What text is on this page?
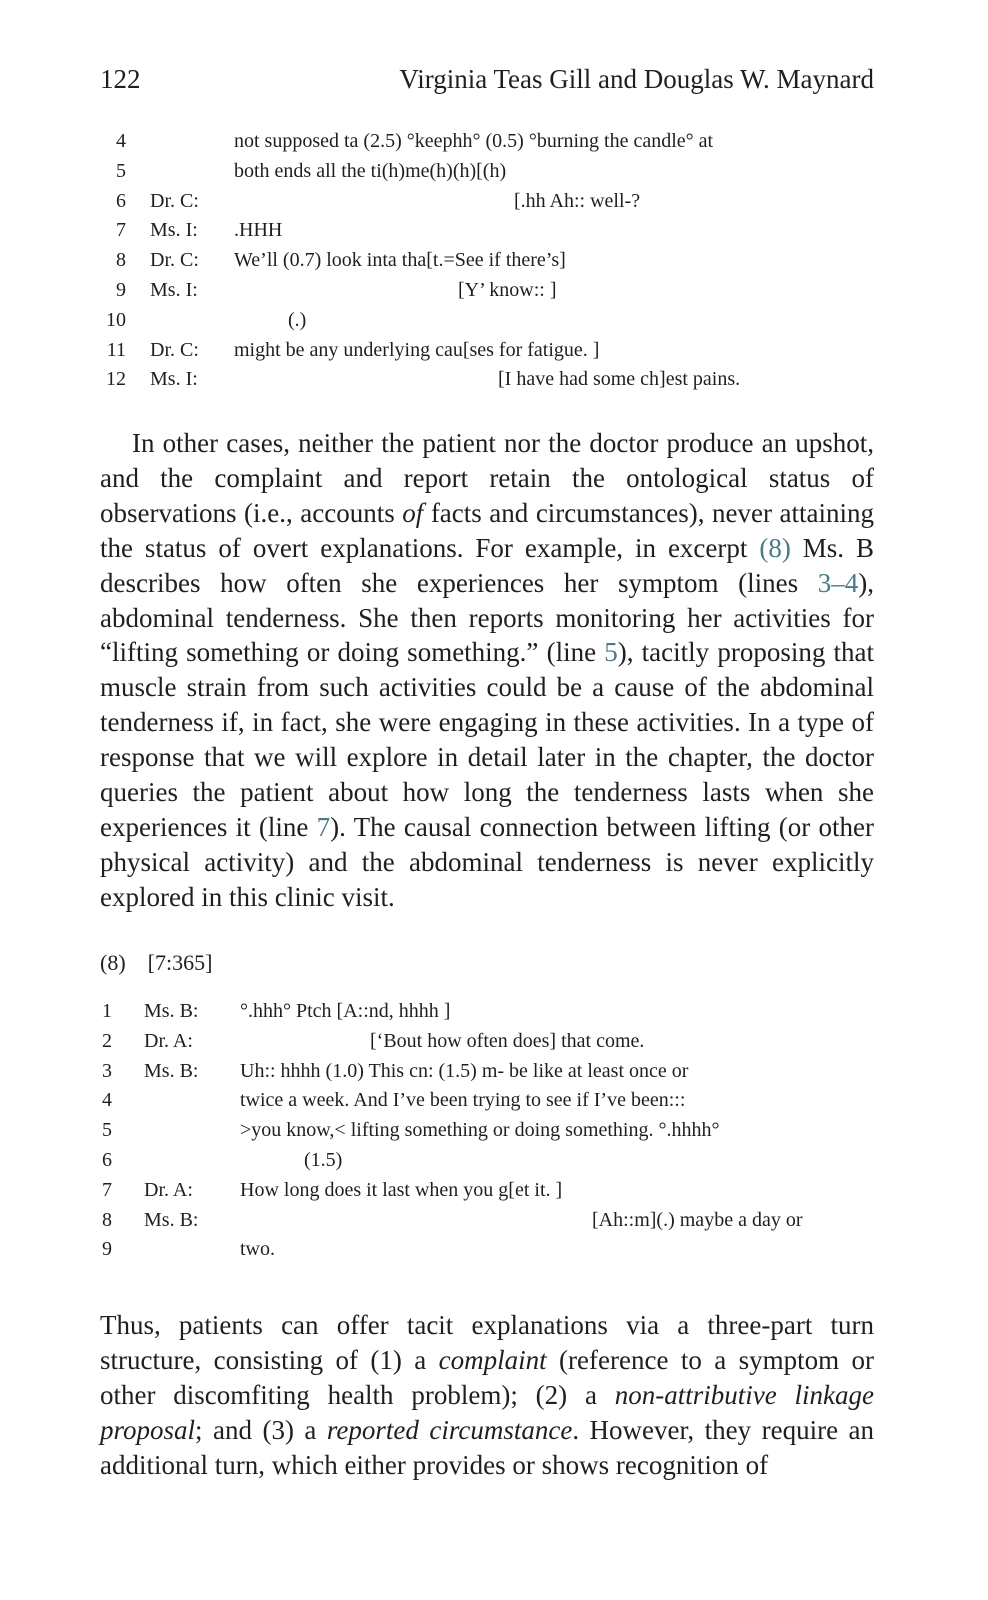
122	Virginia Teas Gill and Douglas W. Maynard
4	not supposed ta (2.5) °keephh° (0.5) °burning the candle° at
5	both ends all the ti(h)me(h)(h)[(h)
6 Dr. C:	[.hh Ah:: well-?
7 Ms. I: .HHH
8 Dr. C: We’ll (0.7) look inta tha[t.=See if there’s]
9 Ms. I:	[Y’ know:: ]
10	(.)
11 Dr. C: might be any underlying cau[ses for fatigue. ]
12 Ms. I:	[I have had some ch]est pains.

In other cases, neither the patient nor the doctor produce an upshot, and the complaint and report retain the ontological status of observations (i.e., accounts of facts and circumstances), never attaining the status of overt explanations. For example, in excerpt (8) Ms. B describes how often she experiences her symptom (lines 3–4), abdominal tenderness. She then reports monitoring her activities for “lifting something or doing something.” (line 5), tacitly proposing that muscle strain from such activities could be a cause of the abdominal tenderness if, in fact, she were engaging in these activities. In a type of response that we will explore in detail later in the chapter, the doctor queries the patient about how long the tenderness lasts when she experiences it (line 7). The causal connection between lifting (or other physical activity) and the abdominal tenderness is never explicitly explored in this clinic visit.

(8) [7:365]
1 Ms. B: °.hhh° Ptch [A::nd, hhhh ]
2 Dr. A:	[‘Bout how often does] that come.
3 Ms. B: Uh:: hhhh (1.0) This cn: (1.5) m- be like at least once or
4	twice a week. And I’ve been trying to see if I’ve been:::
5	>you know,< lifting something or doing something. °.hhhh°
6	(1.5)
7 Dr. A: How long does it last when you g[et it. ]
8 Ms. B:	[Ah::m](.) maybe a day or
9	two.

Thus, patients can offer tacit explanations via a three-part turn structure, consisting of (1) a complaint (reference to a symptom or other discomfiting health problem); (2) a non-attributive linkage proposal; and (3) a reported circumstance. However, they require an additional turn, which either provides or shows recognition of
